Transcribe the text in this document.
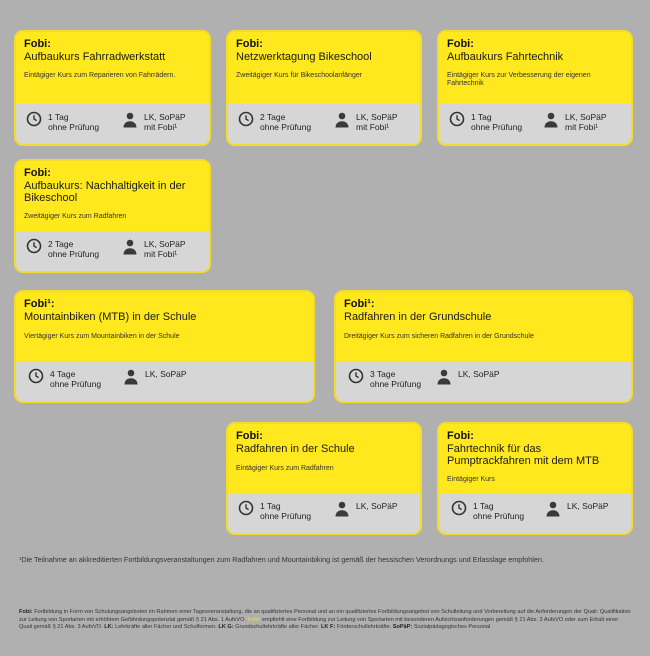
Fobi:
Aufbaukurs Fahrradwerkstatt
Eintägiger Kurs zum Reparieren von Fahrrädern.
1 Tag
ohne Prüfung
LK, SoPäP
mit Fobi¹
Fobi:
Netzwerktagung Bikeschool
Zweitägiger Kurs für Bikeschoolanfänger
2 Tage
ohne Prüfung
LK, SoPäP
mit Fobi¹
Fobi:
Aufbaukurs Fahrtechnik
Eintägiger Kurs zur Verbesserung der eigenen Fahrtechnik
1 Tag
ohne Prüfung
LK, SoPäP
mit Fobi¹
Fobi:
Aufbaukurs: Nachhaltigkeit in der Bikeschool
Zweitägiger Kurs zum Radfahren
2 Tage
ohne Prüfung
LK, SoPäP
mit Fobi¹
Fobi¹:
Mountainbiken (MTB) in der Schule
Viertägiger Kurs zum Mountainbiken in der Schule
4 Tage
ohne Prüfung
LK, SoPäP
Fobi¹:
Radfahren in der Grundschule
Dreitägiger Kurs zum sicheren Radfahren in der Grundschule
3 Tage
ohne Prüfung
LK, SoPäP
Fobi:
Radfahren in der Schule
Eintägiger Kurs zum Radfahren
1 Tag
ohne Prüfung
LK, SoPäP
Fobi:
Fahrtechnik für das Pumptrackfahren mit dem MTB
Eintägiger Kurs
1 Tag
ohne Prüfung
LK, SoPäP
¹Die Teilnahme an akkreditierten Fortbildungsveranstaltungen zum Radfahren und Mountainbiking ist gemäß der hessischen Verordnungs und Erlasslage empfohlen.
Fobi: Fortbildung in Form von Schulungsangeboten im Rahmen einer Tagesveranstaltung, die an qualifiziertes Personal und an ein qualifiziertes Fortbildungsangebot von Schulleitung und Vorbereitung auf die Anforderungen der Quali: Qualifikation zur Leitung von Sportarten mit erhöhtem Gefährdungspotenzial gemäß § 21 Abs. 1 AufsVO. Fobi¹ empfiehlt eine Fortbildung zur Leitung von Sportarten mit besonderen Aufsichtsanforderungen gemäß § 21 Abs. 3 AufsVO oder zum Erhalt einer Quali gemäß § 21 Abs. 3 AufsVO. LK: Lehrkräfte aller Fächer und Schulformen. LK G: Grundschullehrkräfte aller Fächer. LK F: Förderschullehrkräfte. SoPäP: Sozialpädagogisches Personal
